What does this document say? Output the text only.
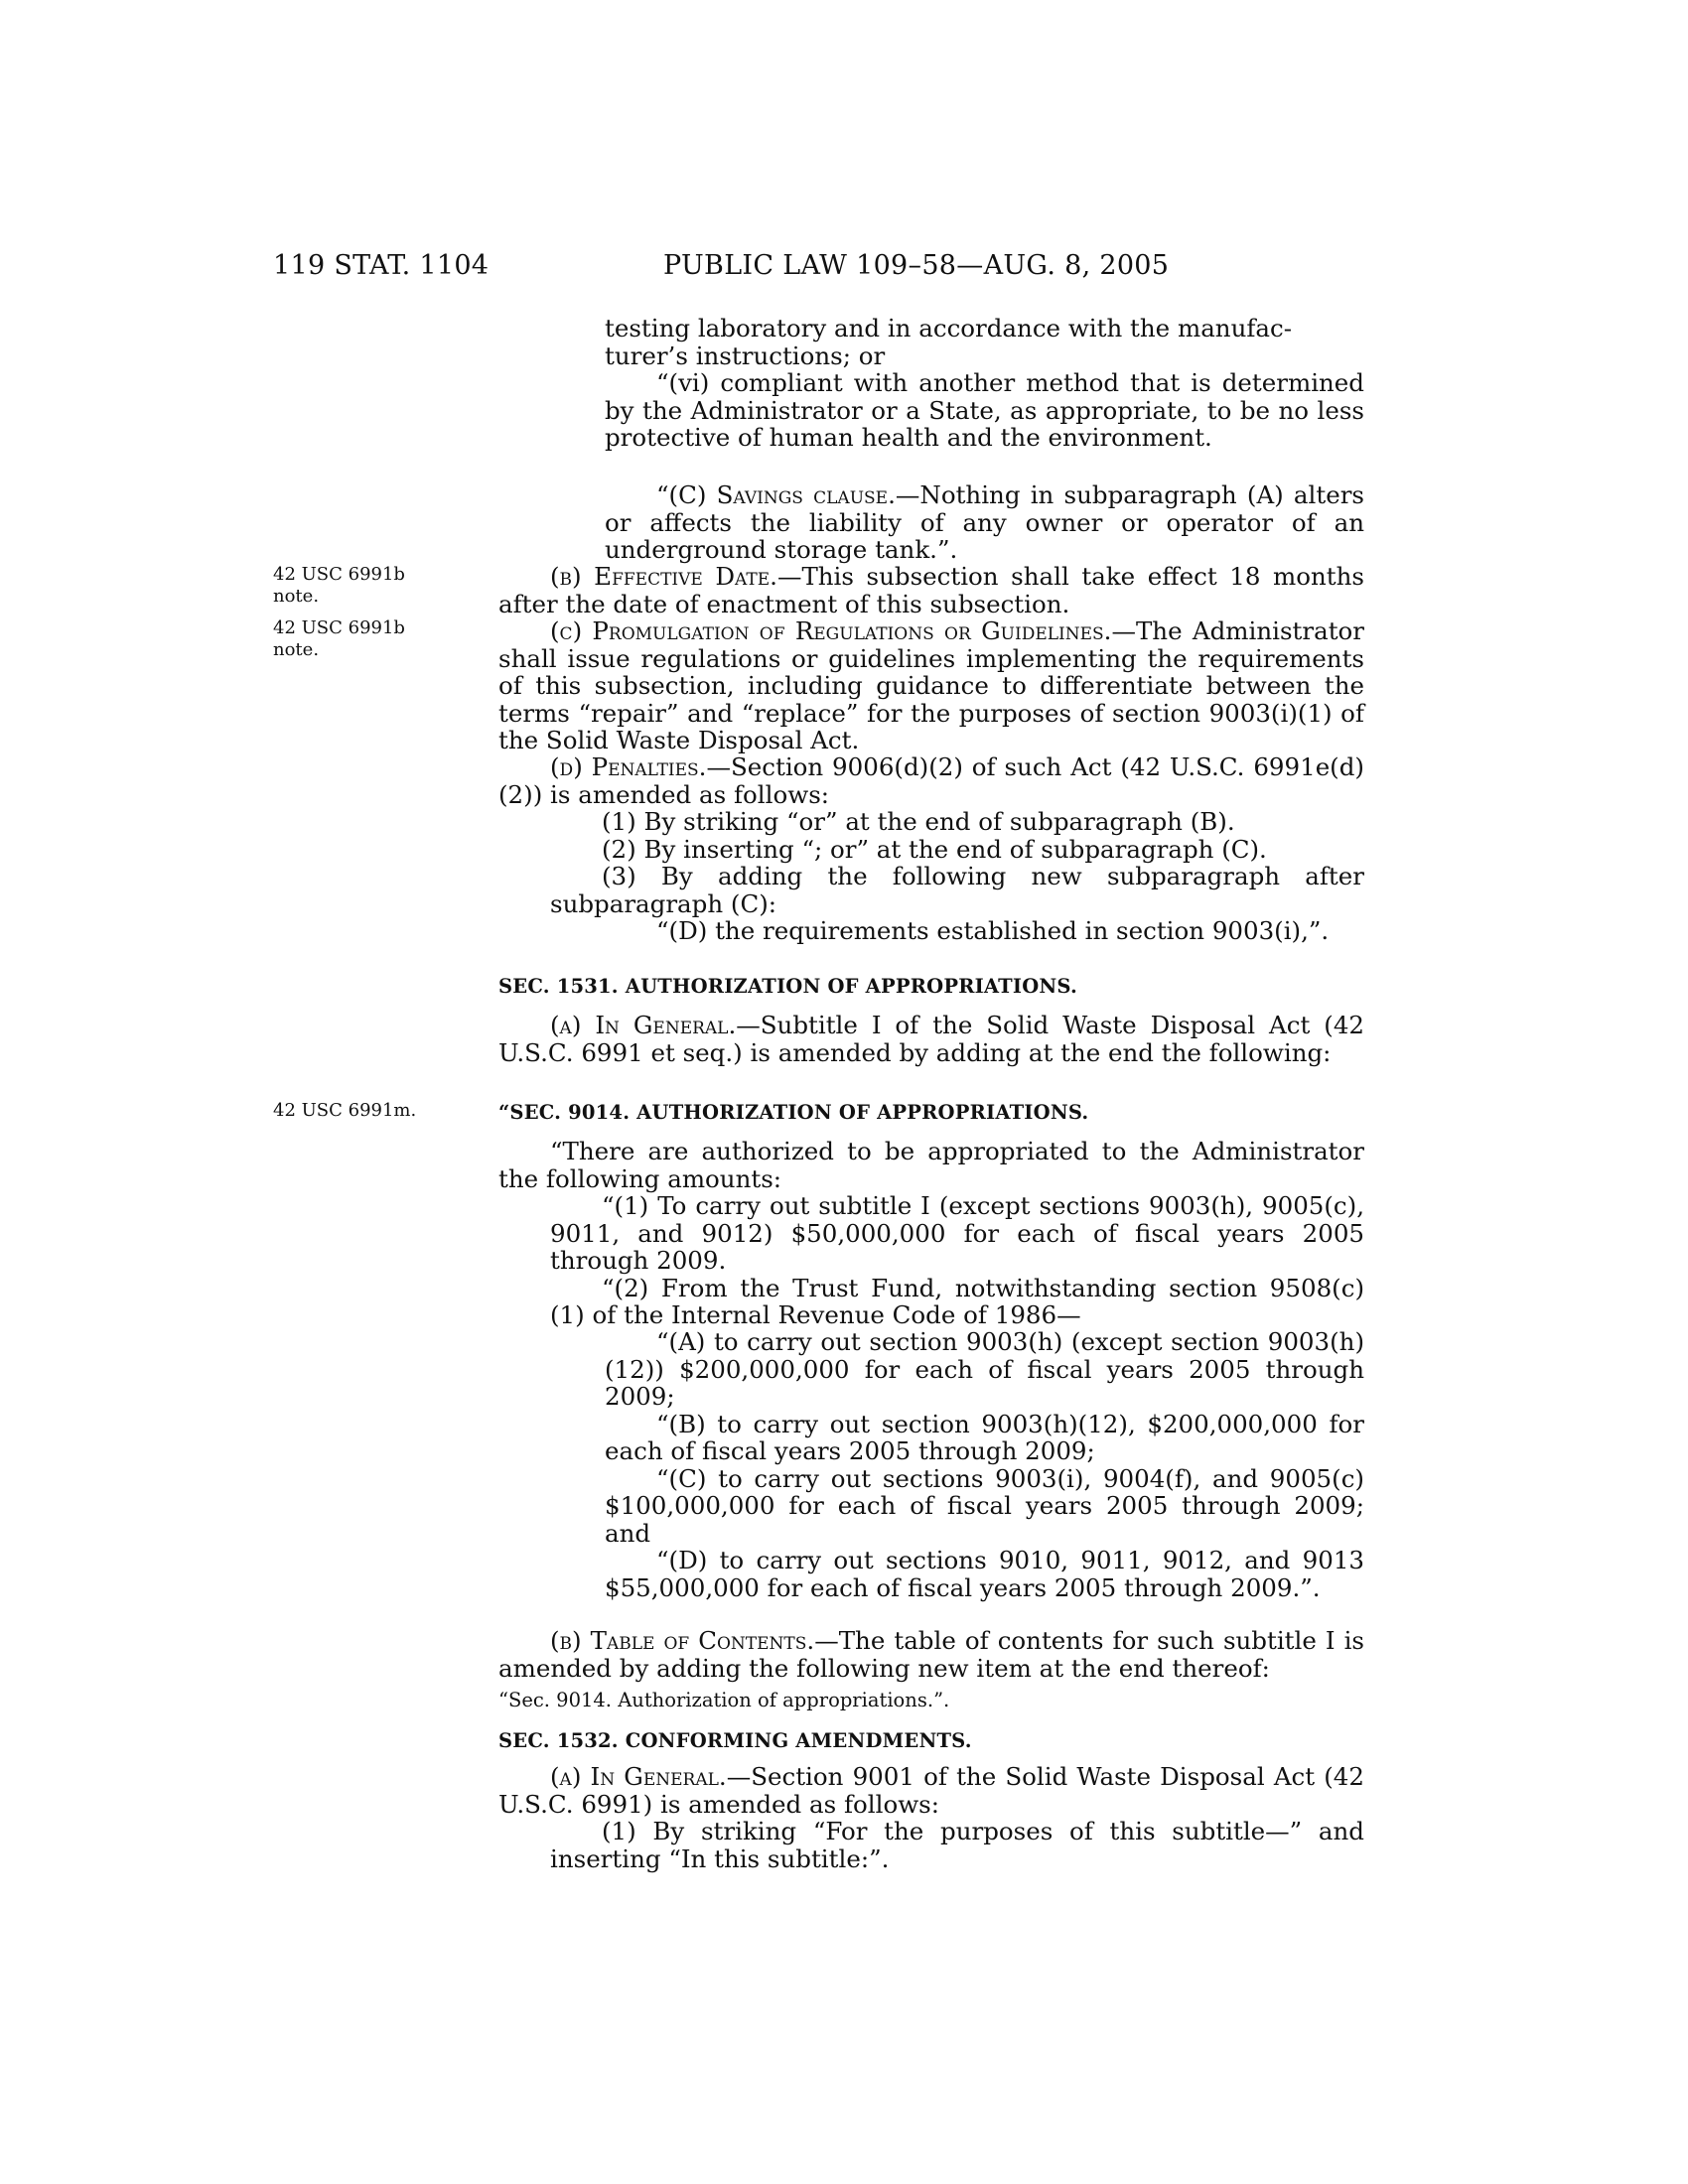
119 STAT. 1104	PUBLIC LAW 109–58—AUG. 8, 2005
42 USC 6991b
note.
42 USC 6991b
note.
42 USC 6991m.

testing laboratory and in accordance with the manufac-

turer’s instructions; or

“(vi) compliant with another method that is determined by the Administrator or a State, as appropriate, to be no less protective of human health and the environment.

“(C) Savings clause.—Nothing in subparagraph (A) alters or affects the liability of any owner or operator of an underground storage tank.”.

(b) Effective Date.—This subsection shall take effect 18 months after the date of enactment of this subsection.

(c) Promulgation of Regulations or Guidelines.—The Administrator shall issue regulations or guidelines implementing the requirements of this subsection, including guidance to differentiate between the terms “repair” and “replace” for the purposes of section 9003(i)(1) of the Solid Waste Disposal Act.

(d) Penalties.—Section 9006(d)(2) of such Act (42 U.S.C. 6991e(d)(2)) is amended as follows:

(1) By striking “or” at the end of subparagraph (B).

(2) By inserting “; or” at the end of subparagraph (C).

(3) By adding the following new subparagraph after subparagraph (C):

“(D) the requirements established in section 9003(i),”.

SEC. 1531. AUTHORIZATION OF APPROPRIATIONS.

(a) In General.—Subtitle I of the Solid Waste Disposal Act (42 U.S.C. 6991 et seq.) is amended by adding at the end the following:

“SEC. 9014. AUTHORIZATION OF APPROPRIATIONS.

“There are authorized to be appropriated to the Administrator the following amounts:

“(1) To carry out subtitle I (except sections 9003(h), 9005(c), 9011, and 9012) $50,000,000 for each of fiscal years 2005 through 2009.

“(2) From the Trust Fund, notwithstanding section 9508(c)(1) of the Internal Revenue Code of 1986—

“(A) to carry out section 9003(h) (except section 9003(h)(12)) $200,000,000 for each of fiscal years 2005 through 2009;

“(B) to carry out section 9003(h)(12), $200,000,000 for each of fiscal years 2005 through 2009;

“(C) to carry out sections 9003(i), 9004(f), and 9005(c) $100,000,000 for each of fiscal years 2005 through 2009; and

“(D) to carry out sections 9010, 9011, 9012, and 9013 $55,000,000 for each of fiscal years 2005 through 2009.”.

(b) Table of Contents.—The table of contents for such subtitle I is amended by adding the following new item at the end thereof:

“Sec. 9014. Authorization of appropriations.”.

SEC. 1532. CONFORMING AMENDMENTS.

(a) In General.—Section 9001 of the Solid Waste Disposal Act (42 U.S.C. 6991) is amended as follows:

(1) By striking “For the purposes of this subtitle—” and inserting “In this subtitle:”.
